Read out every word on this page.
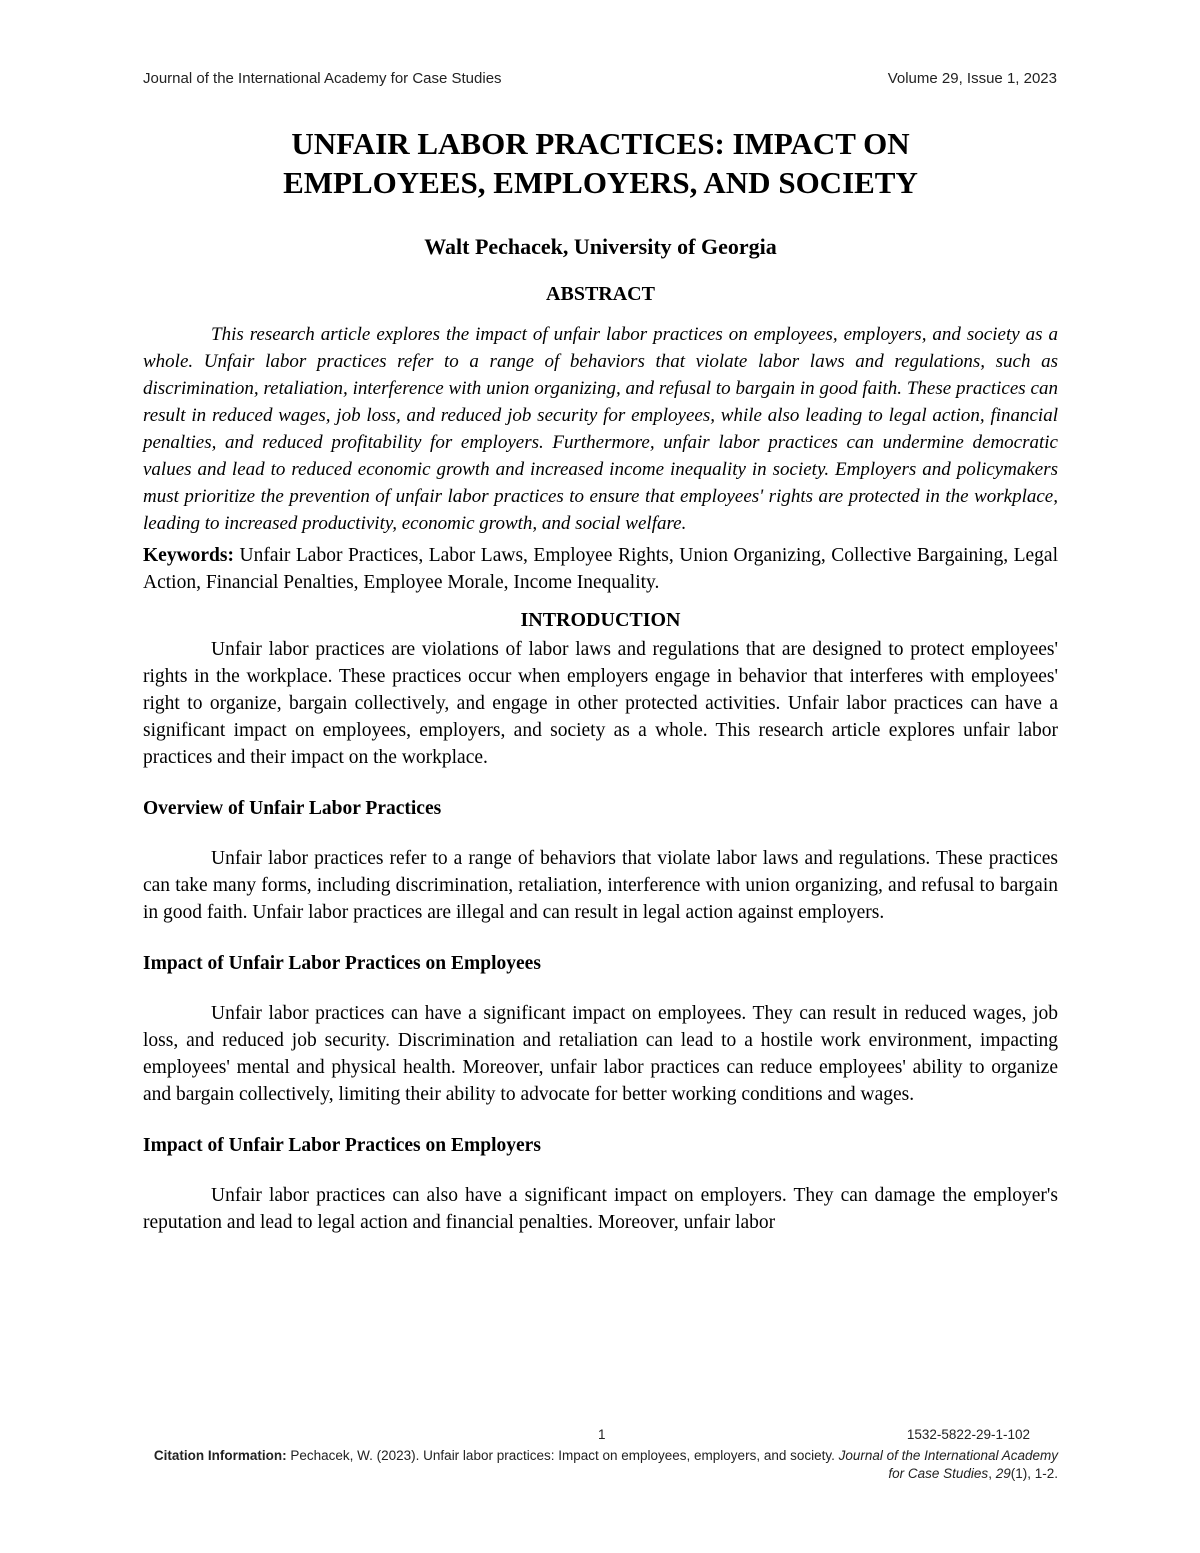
Journal of the International Academy for Case Studies	Volume 29, Issue 1, 2023
UNFAIR LABOR PRACTICES: IMPACT ON
EMPLOYEES, EMPLOYERS, AND SOCIETY

Walt Pechacek, University of Georgia

ABSTRACT

This research article explores the impact of unfair labor practices on employees, employers, and society as a whole. Unfair labor practices refer to a range of behaviors that violate labor laws and regulations, such as discrimination, retaliation, interference with union organizing, and refusal to bargain in good faith. These practices can result in reduced wages, job loss, and reduced job security for employees, while also leading to legal action, financial penalties, and reduced profitability for employers. Furthermore, unfair labor practices can undermine democratic values and lead to reduced economic growth and increased income inequality in society. Employers and policymakers must prioritize the prevention of unfair labor practices to ensure that employees' rights are protected in the workplace, leading to increased productivity, economic growth, and social welfare.

Keywords: Unfair Labor Practices, Labor Laws, Employee Rights, Union Organizing, Collective Bargaining, Legal Action, Financial Penalties, Employee Morale, Income Inequality.

INTRODUCTION

Unfair labor practices are violations of labor laws and regulations that are designed to protect employees' rights in the workplace. These practices occur when employers engage in behavior that interferes with employees' right to organize, bargain collectively, and engage in other protected activities. Unfair labor practices can have a significant impact on employees, employers, and society as a whole. This research article explores unfair labor practices and their impact on the workplace.

Overview of Unfair Labor Practices

Unfair labor practices refer to a range of behaviors that violate labor laws and regulations. These practices can take many forms, including discrimination, retaliation, interference with union organizing, and refusal to bargain in good faith. Unfair labor practices are illegal and can result in legal action against employers.

Impact of Unfair Labor Practices on Employees

Unfair labor practices can have a significant impact on employees. They can result in reduced wages, job loss, and reduced job security. Discrimination and retaliation can lead to a hostile work environment, impacting employees' mental and physical health. Moreover, unfair labor practices can reduce employees' ability to organize and bargain collectively, limiting their ability to advocate for better working conditions and wages.

Impact of Unfair Labor Practices on Employers

Unfair labor practices can also have a significant impact on employers. They can damage the employer's reputation and lead to legal action and financial penalties. Moreover, unfair labor

1	1532-5822-29-1-102
Citation Information: Pechacek, W. (2023). Unfair labor practices: Impact on employees, employers, and society. Journal of the International Academy for Case Studies, 29(1), 1-2.
